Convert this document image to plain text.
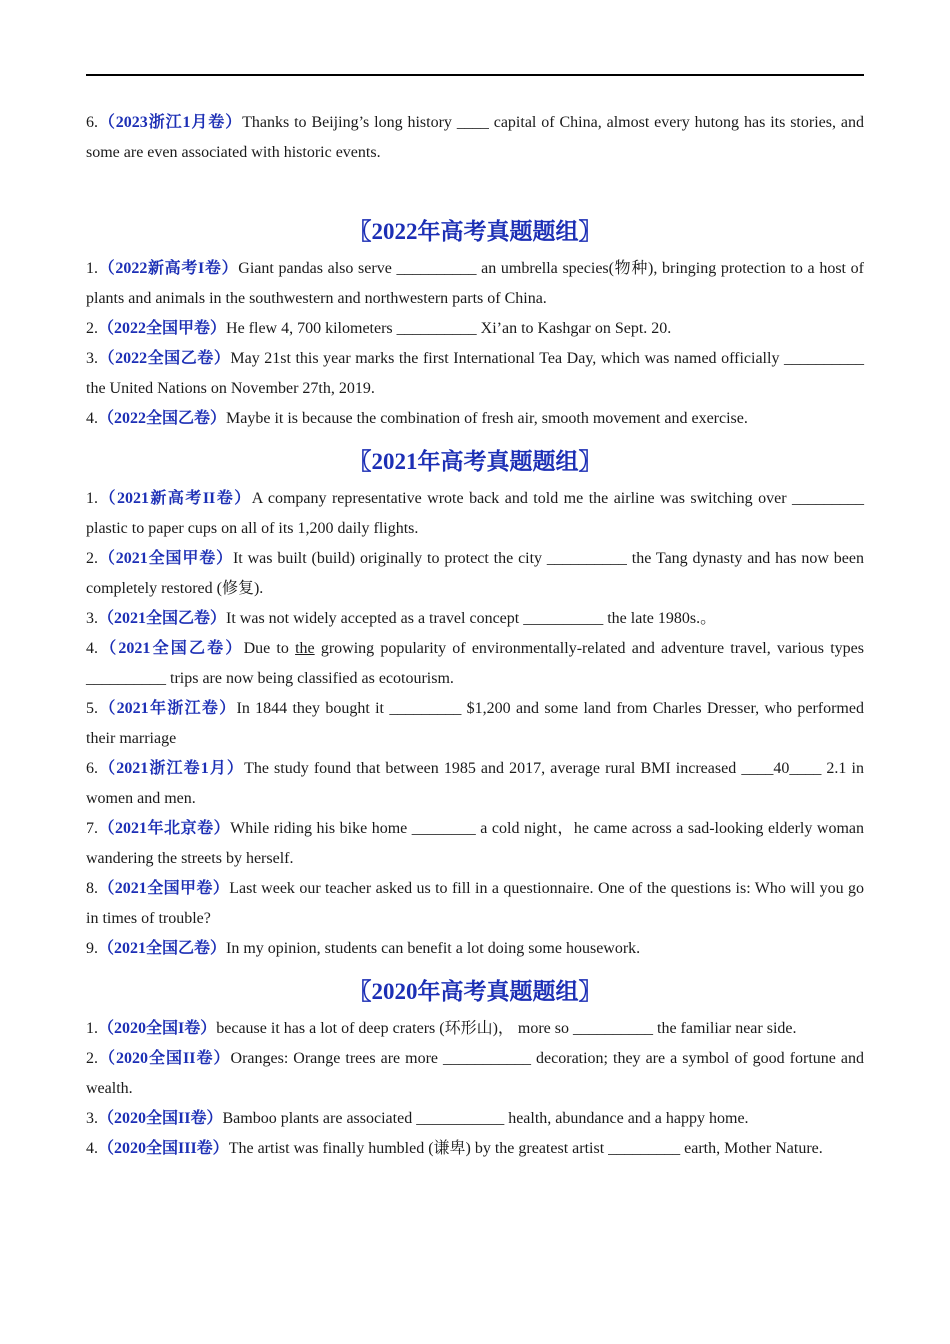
6.（2023浙江1月卷）Thanks to Beijing’s long history ____ capital of China, almost every hutong has its stories, and some are even associated with historic events.

〖2022年高考真题题组〗

1.（2022新高考I卷）Giant pandas also serve __________ an umbrella species(物种), bringing protection to a host of plants and animals in the southwestern and northwestern parts of China.

2.（2022全国甲卷）He flew 4, 700 kilometers __________ Xi’an to Kashgar on Sept. 20.

3.（2022全国乙卷）May 21st this year marks the first International Tea Day, which was named officially __________ the United Nations on November 27th, 2019.

4.（2022全国乙卷）Maybe it is because the combination of fresh air, smooth movement and exercise.

〖2021年高考真题题组〗

1.（2021新高考II卷）A company representative wrote back and told me the airline was switching over _________ plastic to paper cups on all of its 1,200 daily flights.

2.（2021全国甲卷）It was built (build) originally to protect the city __________ the Tang dynasty and has now been completely restored (修复).

3.（2021全国乙卷）It was not widely accepted as a travel concept __________ the late 1980s.。

4.（2021全国乙卷）Due to the growing popularity of environmentally-related and adventure travel, various types __________ trips are now being classified as ecotourism.

5.（2021年浙江卷）In 1844 they bought it _________ $1,200 and some land from Charles Dresser, who performed their marriage

6.（2021浙江卷1月）The study found that between 1985 and 2017, average rural BMI increased ____40____ 2.1 in women and men.

7.（2021年北京卷）While riding his bike home ________ a cold night，he came across a sad-looking elderly woman wandering the streets by herself.

8.（2021全国甲卷）Last week our teacher asked us to fill in a questionnaire. One of the questions is: Who will you go in times of trouble?

9.（2021全国乙卷）In my opinion, students can benefit a lot doing some housework.

〖2020年高考真题题组〗

1.（2020全国I卷）because it has a lot of deep craters (环形山)， more so __________ the familiar near side.

2.（2020全国II卷）Oranges: Orange trees are more ___________ decoration; they are a symbol of good fortune and wealth.

3.（2020全国II卷）Bamboo plants are associated ___________ health, abundance and a happy home.

4.（2020全国III卷）The artist was finally humbled (谦卑) by the greatest artist _________ earth, Mother Nature.
